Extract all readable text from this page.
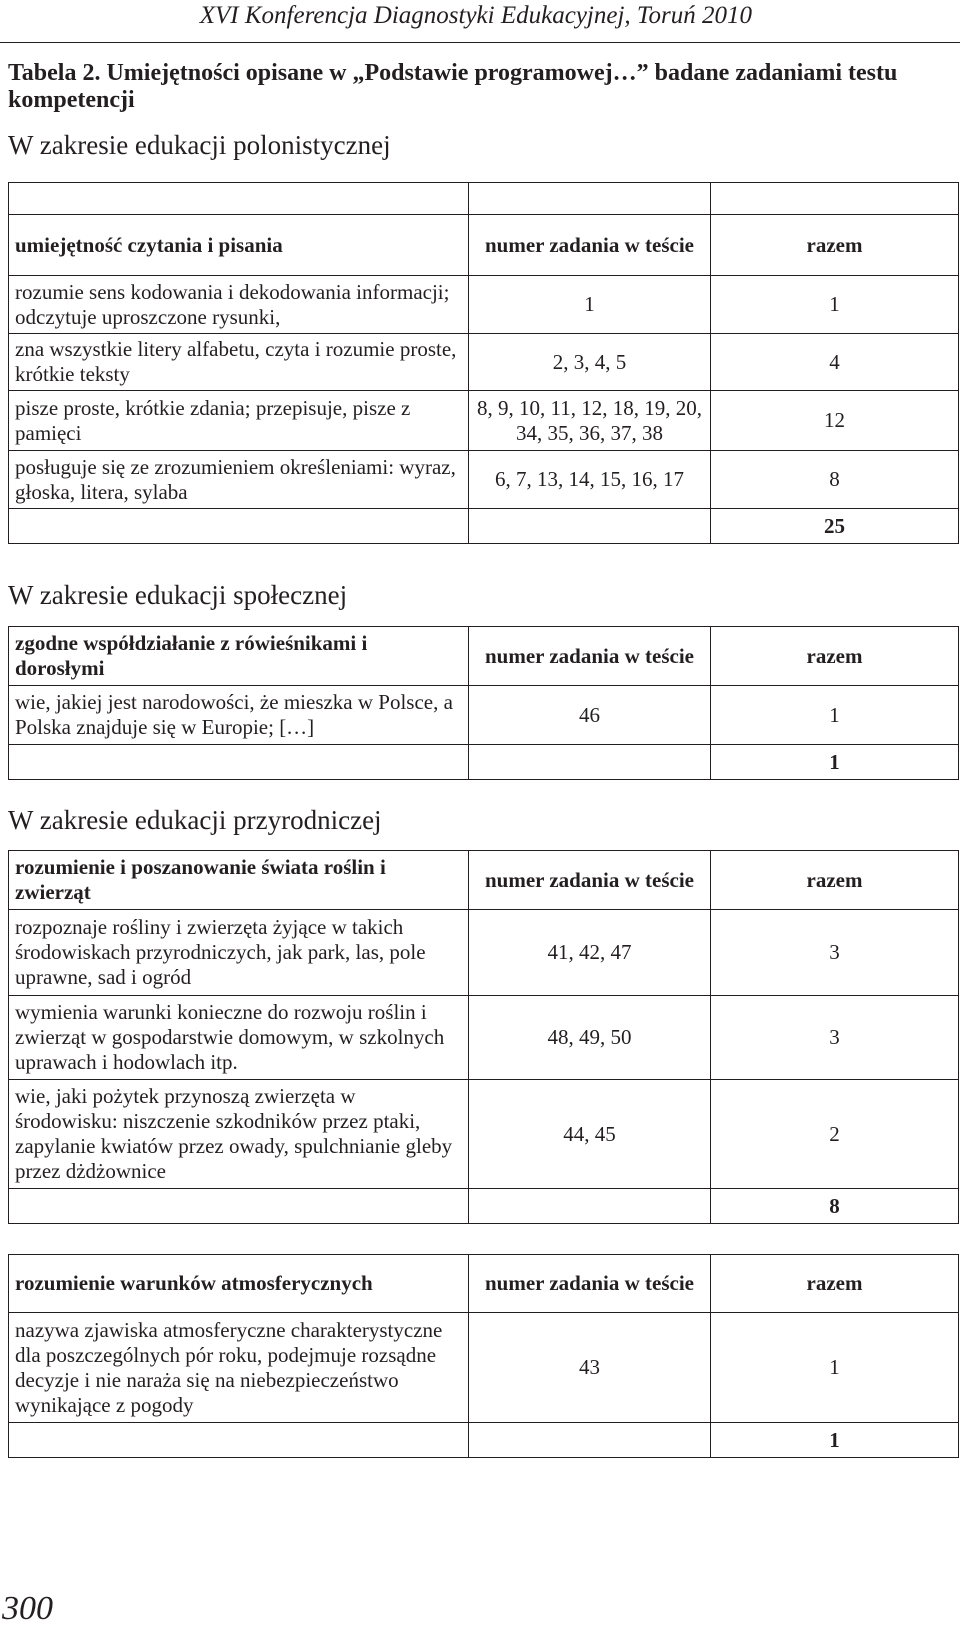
XVI Konferencja Diagnostyki Edukacyjnej, Toruń 2010
Tabela 2. Umiejętności opisane w „Podstawie programowej…” badane zadaniami testu kompetencji
W zakresie edukacji polonistycznej

umiejętność czytania i pisania	numer zadania w teście	razem
rozumie sens kodowania i dekodowania informacji; odczytuje uproszczone rysunki,	1	1
zna wszystkie litery alfabetu, czyta i rozumie proste, krótkie teksty	2, 3, 4, 5	4
pisze proste, krótkie zdania; przepisuje, pisze z pamięci	8, 9, 10, 11, 12, 18, 19, 20, 34, 35, 36, 37, 38	12
posługuje się ze zrozumieniem określeniami: wyraz, głoska, litera, sylaba	6, 7, 13, 14, 15, 16, 17	8
		25
W zakresie edukacji społecznej
zgodne współdziałanie z rówieśnikami i dorosłymi	numer zadania w teście	razem
wie, jakiej jest narodowości, że mieszka w Polsce, a Polska znajduje się w Europie; […]	46	1
		1
W zakresie edukacji przyrodniczej
rozumienie i poszanowanie świata roślin i zwierząt	numer zadania w teście	razem
rozpoznaje rośliny i zwierzęta żyjące w takich środowiskach przyrodniczych, jak park, las, pole uprawne, sad i ogród	41, 42, 47	3
wymienia warunki konieczne do rozwoju roślin i zwierząt w gospodarstwie domowym, w szkolnych uprawach i hodowlach itp.	48, 49, 50	3
wie, jaki pożytek przynoszą zwierzęta w środowisku: niszczenie szkodników przez ptaki, zapylanie kwiatów przez owady, spulchnianie gleby przez dżdżownice	44, 45	2
		8
rozumienie warunków atmosferycznych	numer zadania w teście	razem
nazywa zjawiska atmosferyczne charakterystyczne dla poszczególnych pór roku, podejmuje rozsądne decyzje i nie naraża się na niebezpieczeństwo wynikające z pogody	43	1
		1
300
